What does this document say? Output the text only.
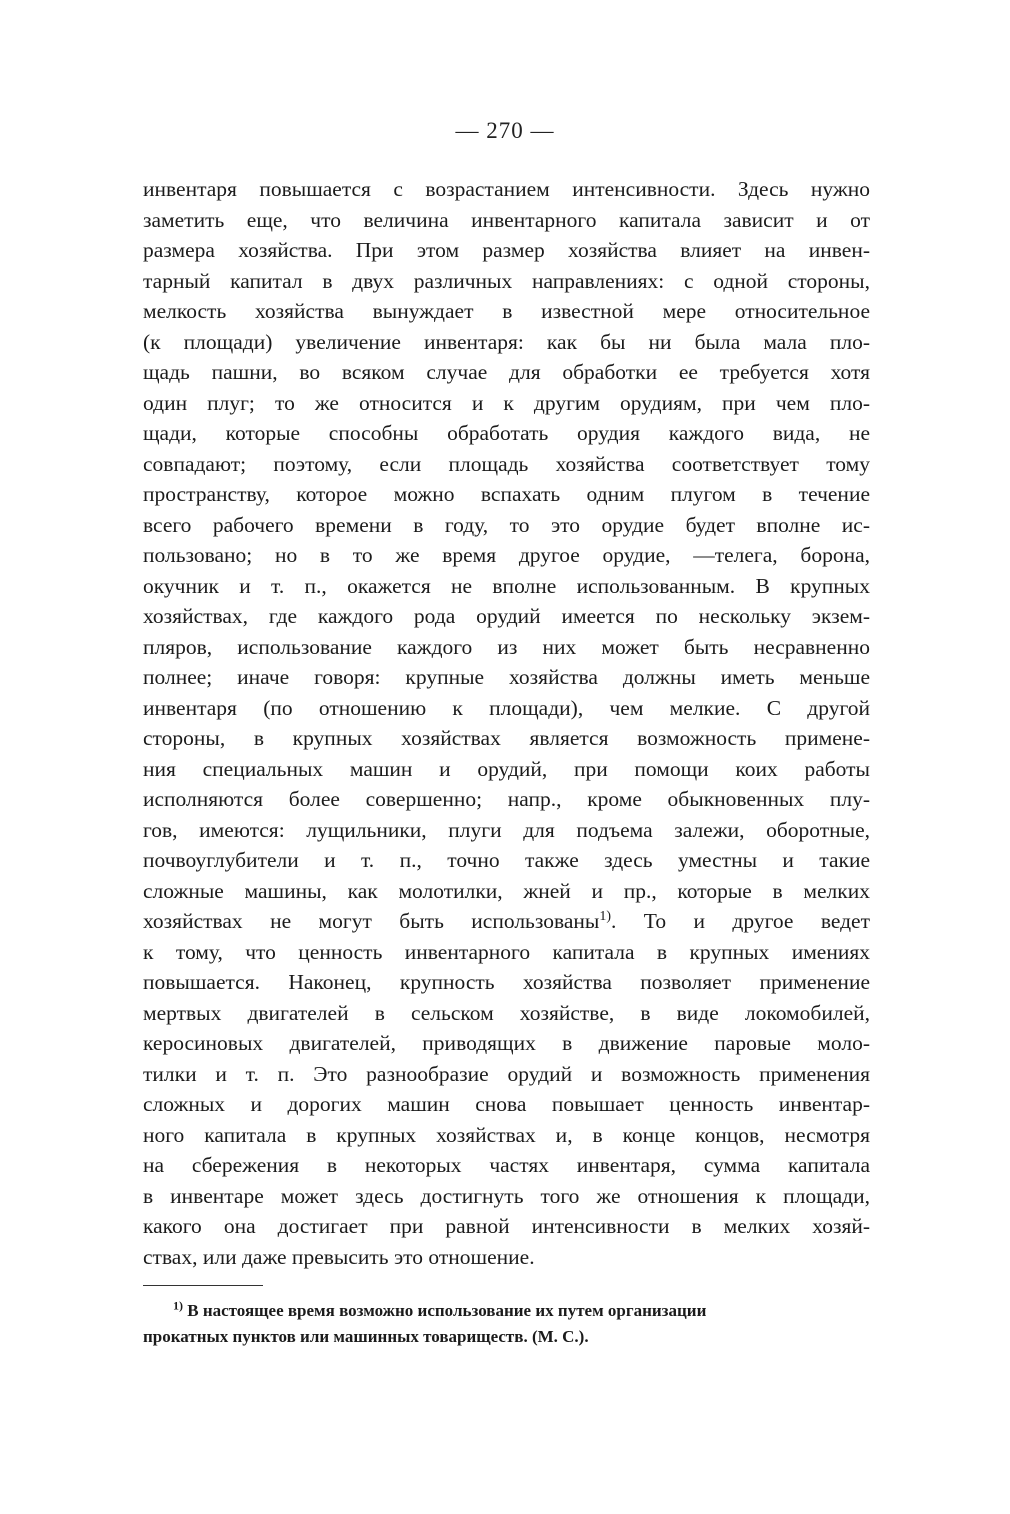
— 270 —
инвентаря повышается с возрастанием интенсивности. Здесь нужно
заметить еще, что величина инвентарного капитала зависит и от
размера хозяйства. При этом размер хозяйства влияет на инвен-
тарный капитал в двух различных направлениях: с одной стороны,
мелкость хозяйства вынуждает в известной мере относительное
(к площади) увеличение инвентаря: как бы ни была мала пло-
щадь пашни, во всяком случае для обработки ее требуется хотя
один плуг; то же относится и к другим орудиям, при чем пло-
щади, которые способны обработать орудия каждого вида, не
совпадают; поэтому, если площадь хозяйства соответствует тому
пространству, которое можно вспахать одним плугом в течение
всего рабочего времени в году, то это орудие будет вполне ис-
пользовано; но в то же время другое орудие, —телега, борона,
окучник и т. п., окажется не вполне использованным. В крупных
хозяйствах, где каждого рода орудий имеется по нескольку экзем-
пляров, использование каждого из них может быть несравненно
полнее; иначе говоря: крупные хозяйства должны иметь меньше
инвентаря (по отношению к площади), чем мелкие. С другой
стороны, в крупных хозяйствах является возможность примене-
ния специальных машин и орудий, при помощи коих работы
исполняются более совершенно; напр., кроме обыкновенных плу-
гов, имеются: лущильники, плуги для подъема залежи, оборотные,
почвоуглубители и т. п., точно также здесь уместны и такие
сложные машины, как молотилки, жней и пр., которые в мелких
хозяйствах не могут быть использованы$^{1)}$. То и другое ведет
к тому, что ценность инвентарного капитала в крупных имениях
повышается. Наконец, крупность хозяйства позволяет применение
мертвых двигателей в сельском хозяйстве, в виде локомобилей,
керосиновых двигателей, приводящих в движение паровые моло-
тилки и т. п. Это разнообразие орудий и возможность применения
сложных и дорогих машин снова повышает ценность инвентар-
ного капитала в крупных хозяйствах и, в конце концов, несмотря
на сбережения в некоторых частях инвентаря, сумма капитала
в инвентаре может здесь достигнуть того же отношения к площади,
какого она достигает при равной интенсивности в мелких хозяй-
ствах, или даже превысить это отношение.
$^{1)}$ В настоящее время возможно использование их путем организации
прокатных пунктов или машинных товариществ. (М. С.).
